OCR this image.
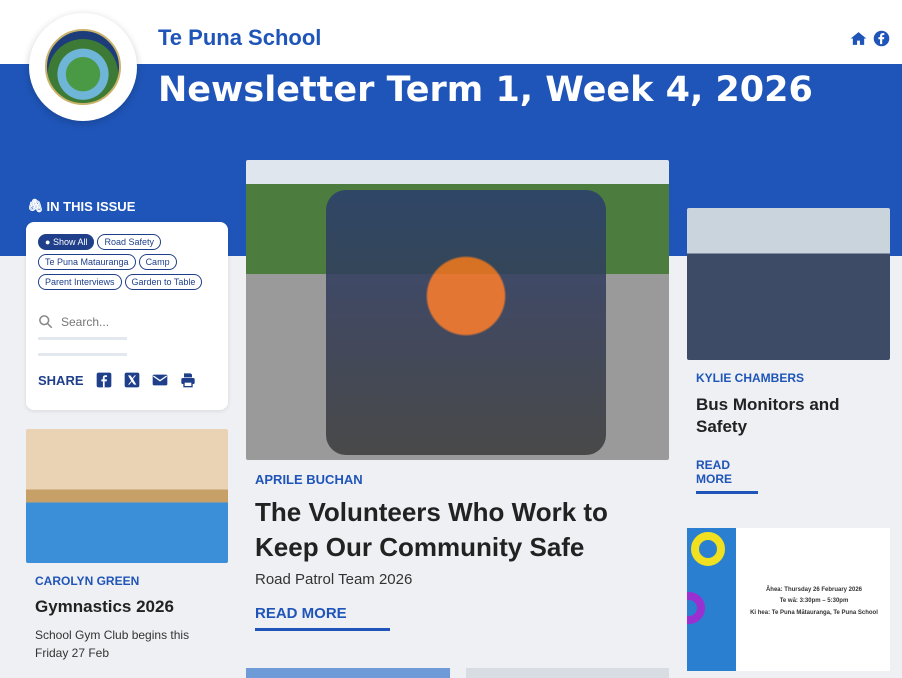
Te Puna School
Newsletter Term 1, Week 4, 2026
🖇 IN THIS ISSUE
● Show All	Road Safety
Te Puna Matauranga	Camp
Parent Interviews	Garden to Table
Search...
SHARE
CAROLYN GREEN
Gymnastics 2026
School Gym Club begins this Friday 27 Feb
APRILE BUCHAN
The Volunteers Who Work to Keep Our Community Safe
Road Patrol Team 2026
READ MORE
KYLIE CHAMBERS
Bus Monitors and Safety
READ MORE
Āhea: Thursday 26 February 2026
Te wā: 3:30pm – 5:30pm
Ki hea: Te Puna Mātauranga, Te Puna School
